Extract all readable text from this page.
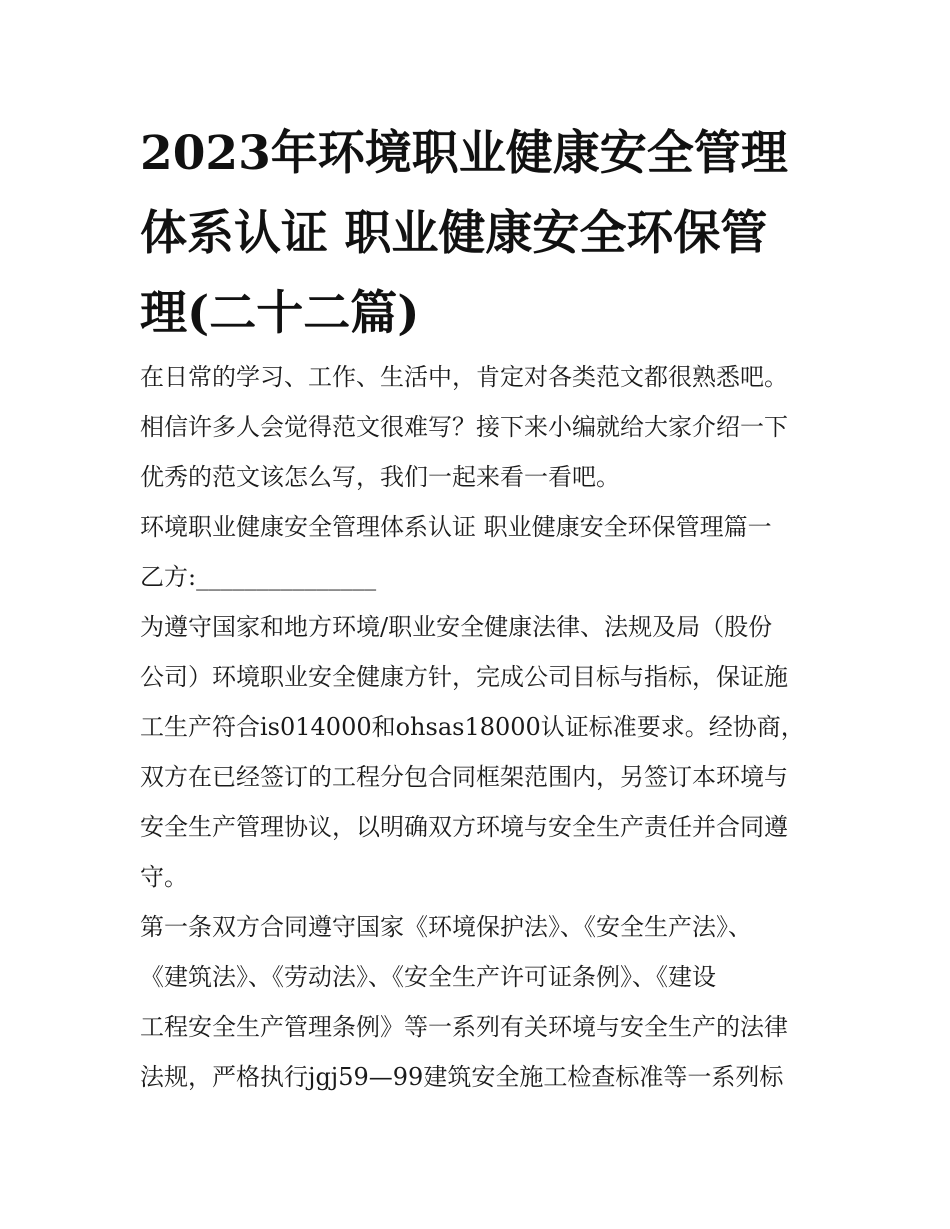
2023年环境职业健康安全管理
体系认证 职业健康安全环保管
理(二十二篇)
在日常的学习、工作、生活中，肯定对各类范文都很熟悉吧。
相信许多人会觉得范文很难写？接下来小编就给大家介绍一下
优秀的范文该怎么写，我们一起来看一看吧。
环境职业健康安全管理体系认证 职业健康安全环保管理篇一
乙方:_______________
为遵守国家和地方环境/职业安全健康法律、法规及局（股份
公司）环境职业安全健康方针，完成公司目标与指标，保证施
工生产符合is014000和ohsas18000认证标准要求。经协商，
双方在已经签订的工程分包合同框架范围内，另签订本环境与
安全生产管理协议，以明确双方环境与安全生产责任并合同遵
守。
第一条双方合同遵守国家《环境保护法》、《安全生产法》、
《建筑法》、《劳动法》、《安全生产许可证条例》、《建设
工程安全生产管理条例》等一系列有关环境与安全生产的法律
法规，严格执行jgj59—99建筑安全施工检查标准等一系列标
